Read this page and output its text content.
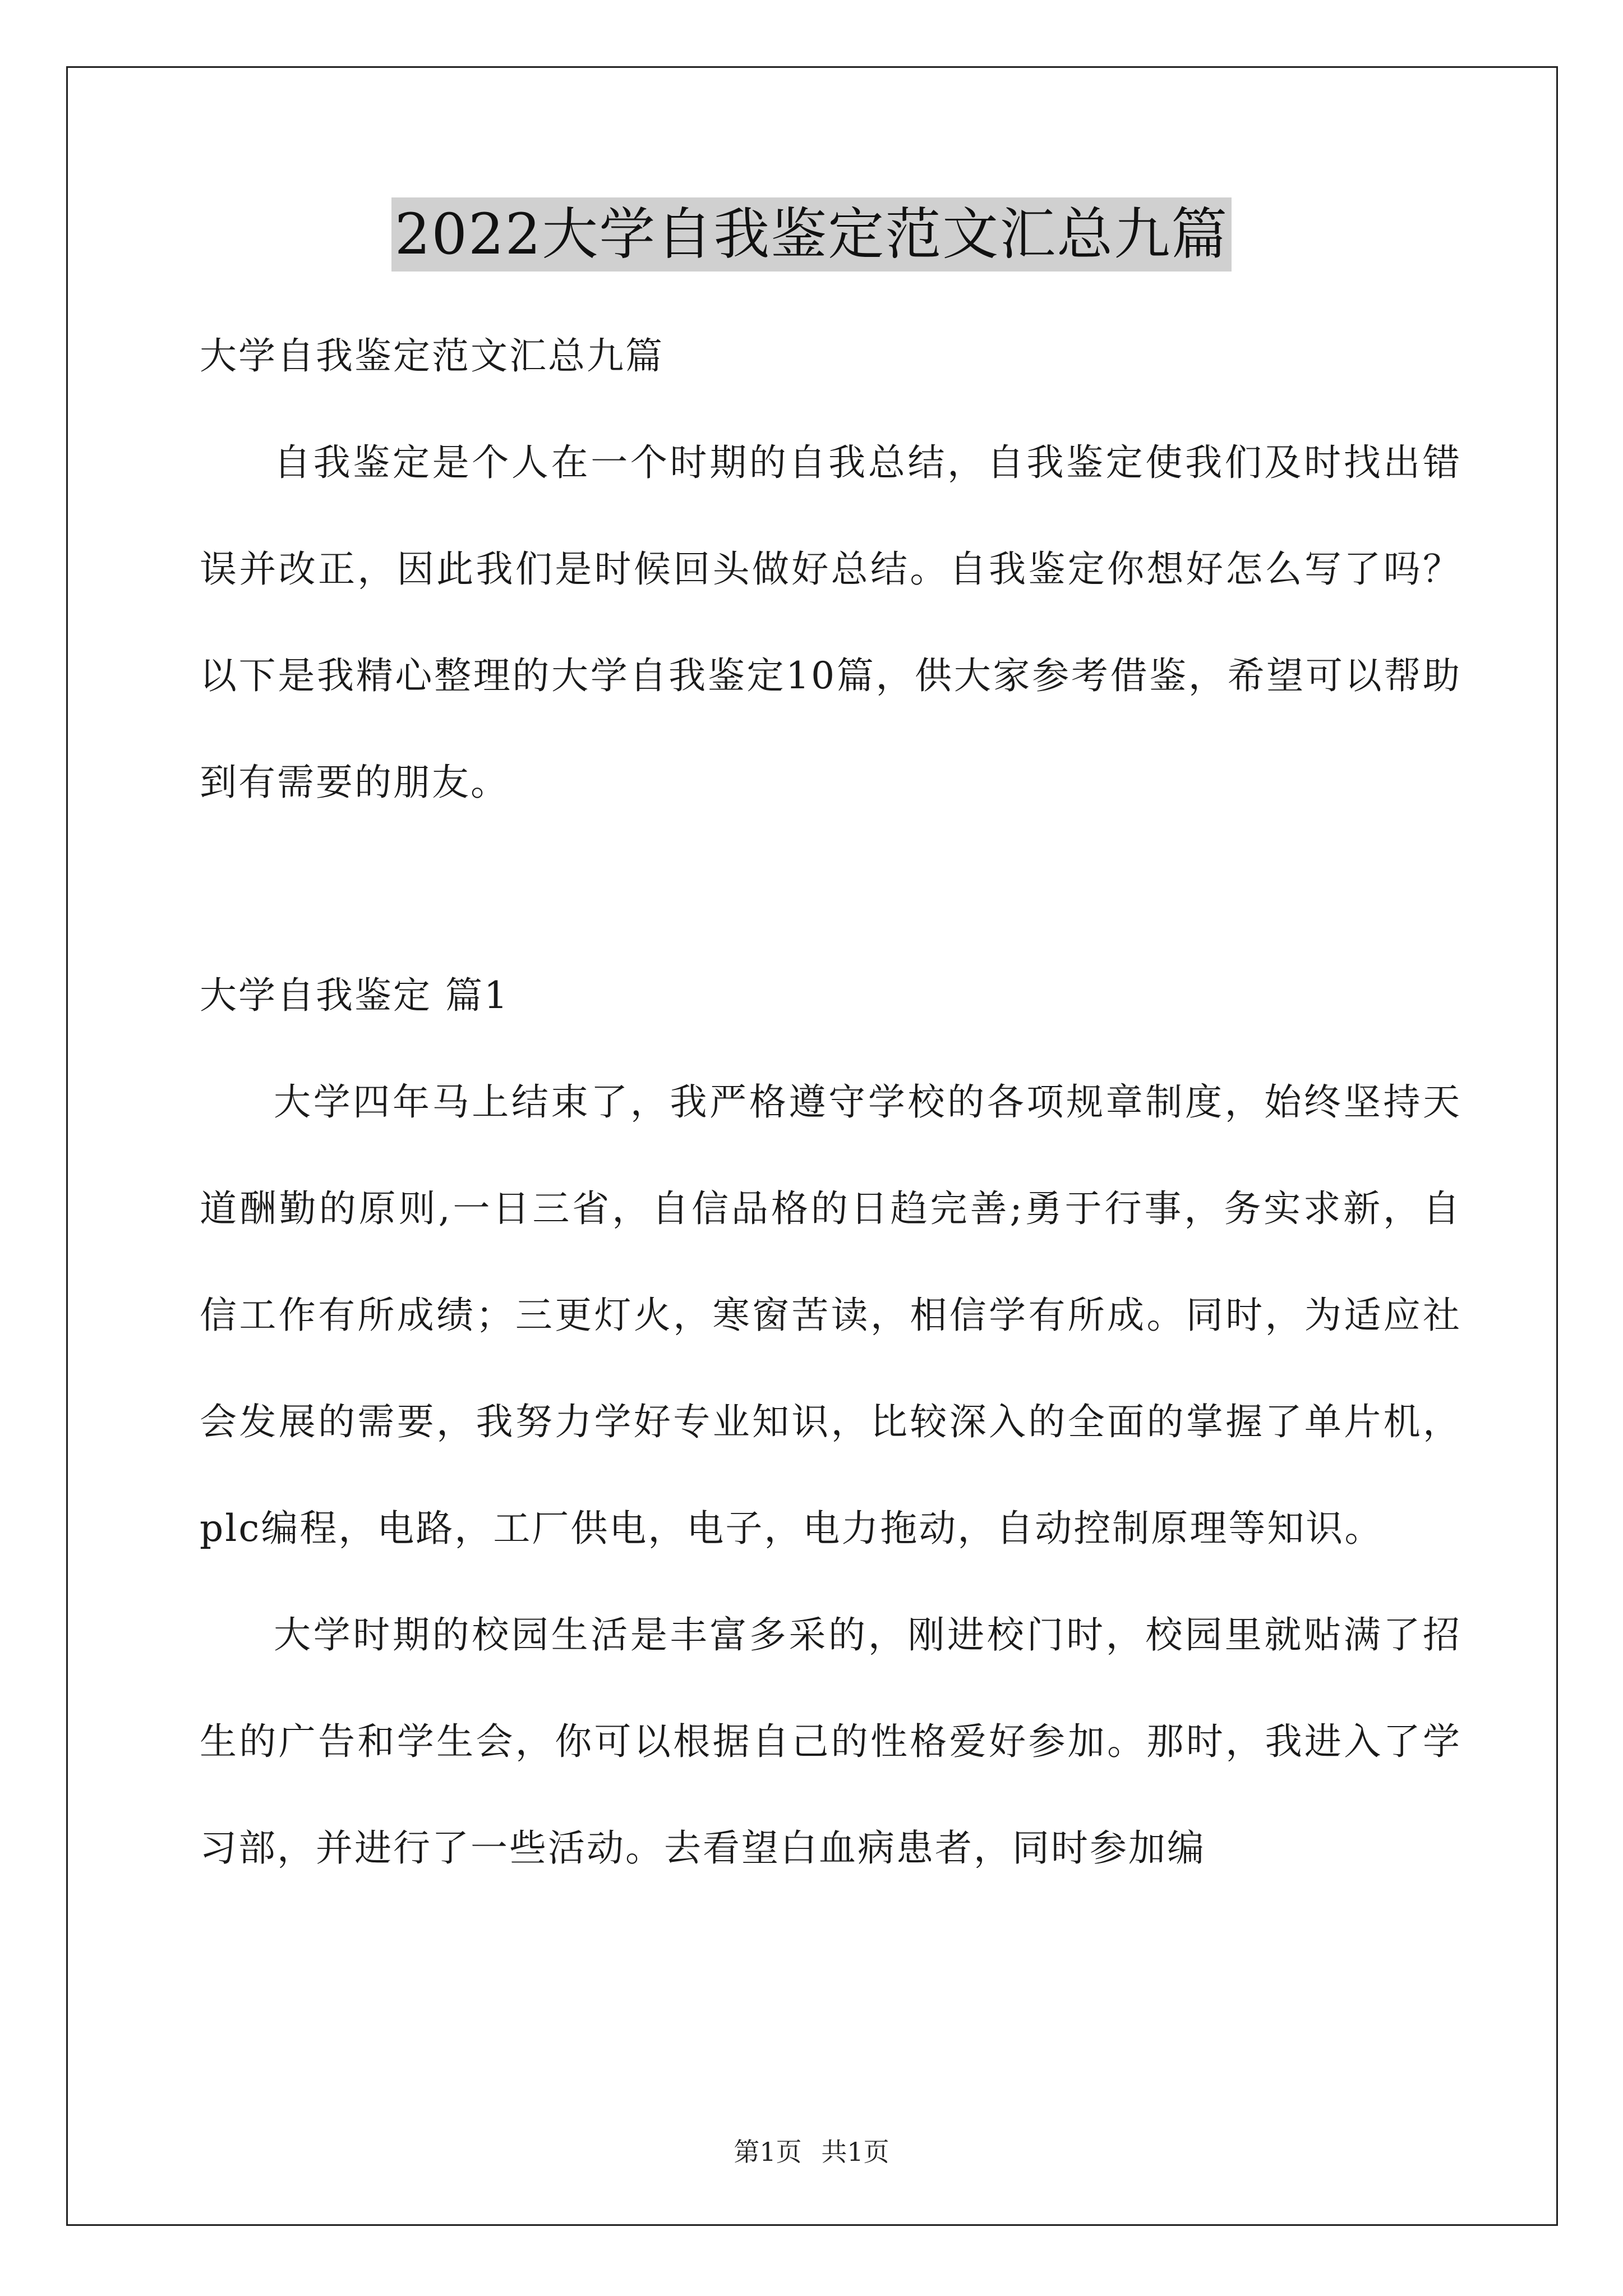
2022大学自我鉴定范文汇总九篇
大学自我鉴定范文汇总九篇

自我鉴定是个人在一个时期的自我总结，自我鉴定使我们及时找出错误并改正，因此我们是时候回头做好总结。自我鉴定你想好怎么写了吗？以下是我精心整理的大学自我鉴定10篇，供大家参考借鉴，希望可以帮助到有需要的朋友。

大学自我鉴定 篇1

大学四年马上结束了，我严格遵守学校的各项规章制度，始终坚持天道酬勤的原则,一日三省，自信品格的日趋完善;勇于行事，务实求新，自信工作有所成绩；三更灯火，寒窗苦读，相信学有所成。同时，为适应社会发展的需要，我努力学好专业知识，比较深入的全面的掌握了单片机，plc编程，电路，工厂供电，电子，电力拖动，自动控制原理等知识。

大学时期的校园生活是丰富多采的，刚进校门时，校园里就贴满了招生的广告和学生会，你可以根据自己的性格爱好参加。那时，我进入了学习部，并进行了一些活动。去看望白血病患者，同时参加编

第1页 共1页
